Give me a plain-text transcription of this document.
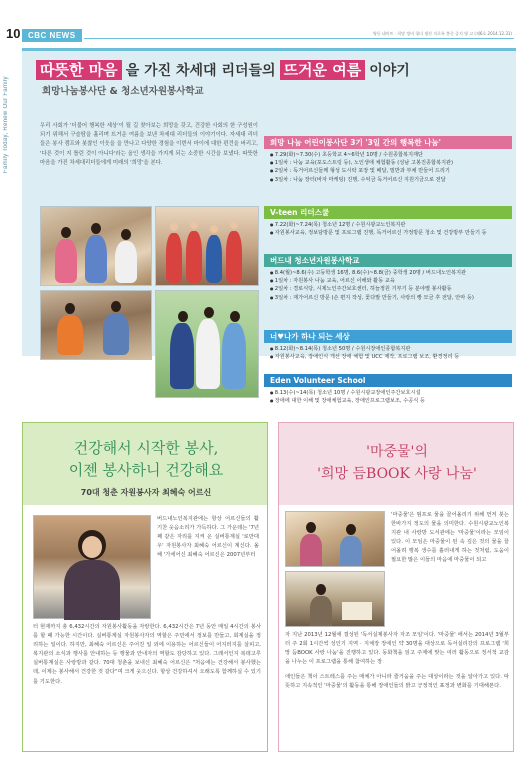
10 CBC NEWS	영등 네이트 · 희망 정비 청녀 생산 저로록 봉중 증지 영 고 (제6호 2014.12.31)
Family Today, Renew Our Family
따뜻한 마음 을 가진 차세대 리더들의 뜨거운 여름 이야기
희망나눔봉사단 & 청소년자원봉사학교
우리 사회가 '더불어 행복한 세상'이 될 길 찾아보는 희망을 갖고, 건강한 사회의 한 구성원이 되기 위해서 구슬땀을 흘리며 뜨거운 여름을 보낸 차세대 리더들의 이야기이다. 자세대 리더들은 봉사 캠프와 봇찮인 이웃을 을 만나고 다양한 경험을 이번서 마이에 대한 편견을 버리고, '다른 것이 지 틀린 것이 아니다'라는 올인 생각을 가지게 되는 소중한 시간을 보냈다. 따뜻한 마음을 가진 차세대리더들에게 미래의 '희망'을 본다.
희망 나눔 어린이봉사단 3기 '3일 간의 행복한 나눔'
● 7.29(화)~7.30(수) 초등학교 4~6학년 10명 / 수원종합복지재단
● 1일차 : 나눔 교육(포도스트링 등), 노인생애 체험활동 (성남 고봉진종합복지관)
● 2일차 : 독거어르신들께 형성 도시락 포장 및 배달, 밑반과 부채 만들어 드리기
● 3일차 : 나눔 장터(바자 마케팅) 진행, 수익금 독거어르신 지원기금으로 전달
V-teen 리더스쿨
● 7.22(화)~7.24(목) 청소년 12명 / 수원시광교노인복지관
● 자원봉사교육, 정보담방문 및 프로그램 진행, 독거어르신 가정방문 청소 및 건강방부 만들기 등
버드내 청소년자원봉사학교
● 8.4(월)~8.6(수) 고등학생 16명, 8.6(수)~8.8(금) 중학생 20명 / 버드내노인복지관
● 1일차 : 자원봉사 나눔 교육, 어르신 이해와 활동 교육
● 2일차 : 경로식당, 시제노인주간보호센터, 허늘정원 기부기 등 분야별 봉사활동
● 3일차 : 재가어르신 방문 (손 편지 작성, 꽃다발 만들기, 사랑의 빵 모금 후 전달, 안마 등)
너♥나가 하나 되는 세상
● 8.12(화)~8.14(목) 청소년 50명 / 수원시장애인종합복지관
● 자원봉사교육, 장애인식 개선 장애 체험 및 UCC 제작, 프로그램 보조, 환경정리 등
Eden Volunteer School
● 8.13(수)~14(목) 청소년 10명 / 수원시광교장애인주간보호시설
● 장애에 대한 이해 및 장애체험교육, 장애인프로그램보조, 수공식 등
건강해서 시작한 봉사,
이젠 봉사하니 건강해요
70대 청춘 자원봉사자 최혜숙 어르신
버드내노인복지관에는 항상 어르신들의 활기찬 웃음소리가 가득하다. 그 가운데는 '7년째 같은 자리를 지켜 온 실버통계실 '로만대우' 자원봉사자 최혜숙 어르신이 계신다. 올해 '가세어신 최혜숙 어르신은 2007년부터
터 현재까지 총 6,432시간의 자원봉사활동을 자랑한다. 6,432시간은 7년 동안 매일 4시간의 봉사를 할 때 가능한 시간이다. 실버통계실 자원봉사자의 역할은 주민에서 정보를 만들고, 회계실을 정리하는 일이다. 하지만, 최혜숙 어르신은 주어진 일 외에 이용하는 어르신들이 어지러지를 살피고, 복지관의 소식과 행사를 안내하는 등 행물과 안내자의 역할도 감당하고 있다. 그래서인지 복데고루 실버통계실은 사랑방과 같다. 70대 청춘을 보내신 최혜숙 어르신은 "처음에는 건강해서 봉사했는데, 이제는 봉사해서 건강한 것 같다"며 크게 웃으신다. 항상 건강하셔서 오래도록 함께하실 수 있기를 기도한다.
'마중물'의
'희망 듬BOOK 사랑 나눔'
'마중물'은 펌프로 물을 끌어올리기 위해 먼저 붓는 한바가지 정도의 물을 의미한다. 수원시광교노인복지관 내 사랑방 도서관에는 '마중물'이라는 모임이 있다. 이 모임은 마중물이 된 속 깊은 것의 물을 끌어올려 행복 생수를 흘러내게 하는 것처럼, 도움이 필요한 많은 이들의 마음에 마중물이 되고
자 지난 2013년 12월에 결성된 '독서실제봉사자 자조 모임'이다. '마중물' 에서는 2014년 3월부터 주 2회 1시간씩 성인기 지역 · 지체장 장애인 약 30명을 대상으로 독서실리강의 프로그램 '희망 듬BOOK 사랑 나눔'을 진행하고 있다. 동화책을 읽고 주제에 맞는 여러 활동으로 정서적 교감을 나누는 이 프로그램을 통해 참여하는 장
애인들은 책이 스트레스를 주는 매체가 아니라 즐거움을 주는 대상이라는 것을 알아가고 있다. 따뜻하고 지속적인 '마중물'의 활동을 통해 장애인들의 밝고 긍정적인 표정과 변화를 기대해본다.
